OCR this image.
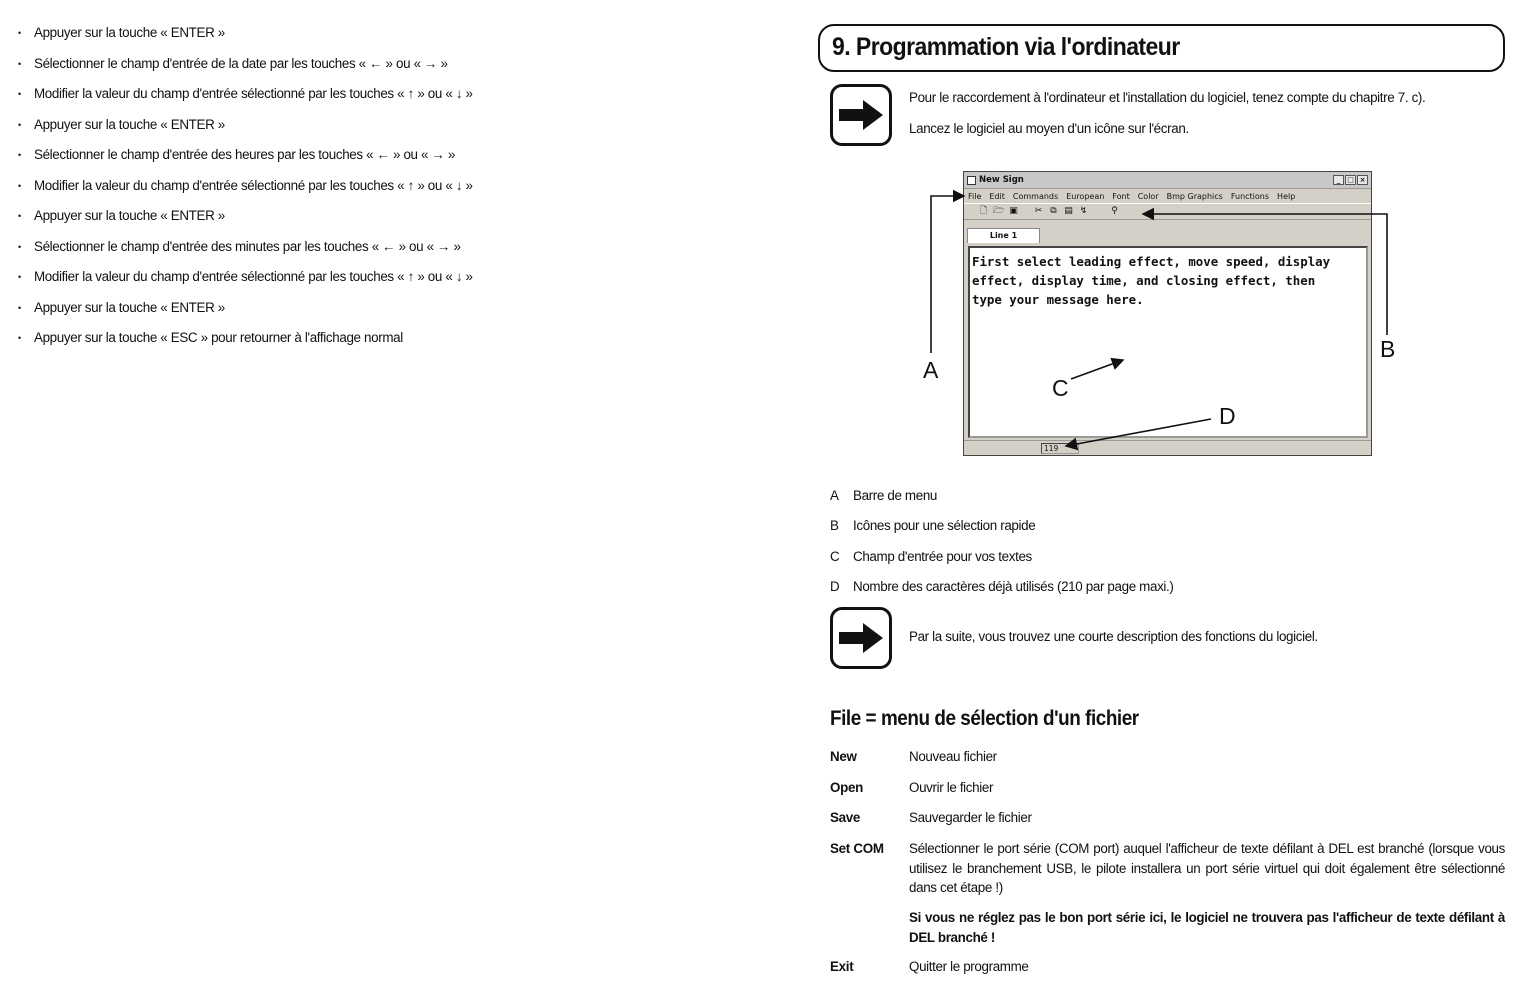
• Appuyer sur la touche « ENTER »
• Sélectionner le champ d'entrée de la date par les touches « ← » ou « → »
• Modifier la valeur du champ d'entrée sélectionné par les touches « ↑ » ou « ↓ »
• Appuyer sur la touche « ENTER »
• Sélectionner le champ d'entrée des heures par les touches « ← » ou « → »
• Modifier la valeur du champ d'entrée sélectionné par les touches « ↑ » ou « ↓ »
• Appuyer sur la touche « ENTER »
• Sélectionner le champ d'entrée des minutes par les touches « ← » ou « → »
• Modifier la valeur du champ d'entrée sélectionné par les touches « ↑ » ou « ↓ »
• Appuyer sur la touche « ENTER »
• Appuyer sur la touche « ESC » pour retourner à l'affichage normal
9. Programmation via l'ordinateur
Pour le raccordement à l'ordinateur et l'installation du logiciel, tenez compte du chapitre 7. c).
Lancez le logiciel au moyen d'un icône sur l'écran.
New Sign	_ □ ×
File Edit Commands European Font Color Bmp Graphics Functions Help
🗋 🗁 ▣ ✂ ⧉ ▤ ↯	⚲
Line 1
First select leading effect, move speed, display
effect, display time, and closing effect, then
type your message here.
119
A
B
C
D
A Barre de menu
B Icônes pour une sélection rapide
C Champ d'entrée pour vos textes
D Nombre des caractères déjà utilisés (210 par page maxi.)
Par la suite, vous trouvez une courte description des fonctions du logiciel.
File = menu de sélection d'un fichier
New	Nouveau fichier
Open	Ouvrir le fichier
Save	Sauvegarder le fichier
Set COM Sélectionner le port série (COM port) auquel l'afficheur de texte défilant à DEL est branché (lorsque vous utilisez le branchement USB, le pilote installera un port série virtuel qui doit également être sélectionné dans cet étape !)
Si vous ne réglez pas le bon port série ici, le logiciel ne trouvera pas l'afficheur de texte défilant à DEL branché !
Exit	Quitter le programme
